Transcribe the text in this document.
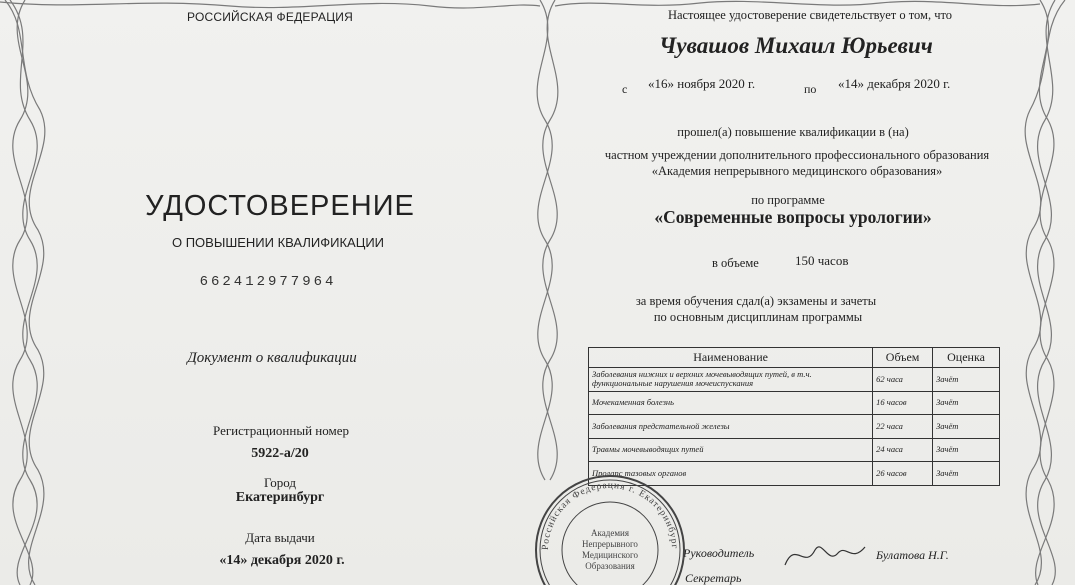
РОССИЙСКАЯ ФЕДЕРАЦИЯ
УДОСТОВЕРЕНИЕ
О ПОВЫШЕНИИ КВАЛИФИКАЦИИ
662412977964
Документ о квалификации
Регистрационный номер
5922-а/20
Город
Екатеринбург
Дата выдачи
«14» декабря 2020 г.
Настоящее удостоверение свидетельствует о том, что
Чувашов Михаил Юрьевич
с «16» ноября 2020 г.	по «14» декабря 2020 г.
прошел(а) повышение квалификации в (на)
частном учреждении дополнительного профессионального образования
«Академия непрерывного медицинского образования»
по программе
«Современные вопросы урологии»
в объеме	150 часов
за время обучения сдал(а) экзамены и зачеты
по основным дисциплинам программы
Наименование	Объем	Оценка
Заболевания нижних и верхних мочевыводящих путей, в т.ч. функциональные нарушения мочеиспускания	62 часа	Зачёт
Мочекаменная болезнь	16 часов	Зачёт
Заболевания предстательной железы	22 часа	Зачёт
Травмы мочевыводящих путей	24 часа	Зачёт
Пролапс тазовых органов	26 часов	Зачёт
Руководитель	Булатова Н.Г.
Секретарь
Российская Федерация г. Екатеринбург
Академия
Непрерывного
Медицинского
Образования
